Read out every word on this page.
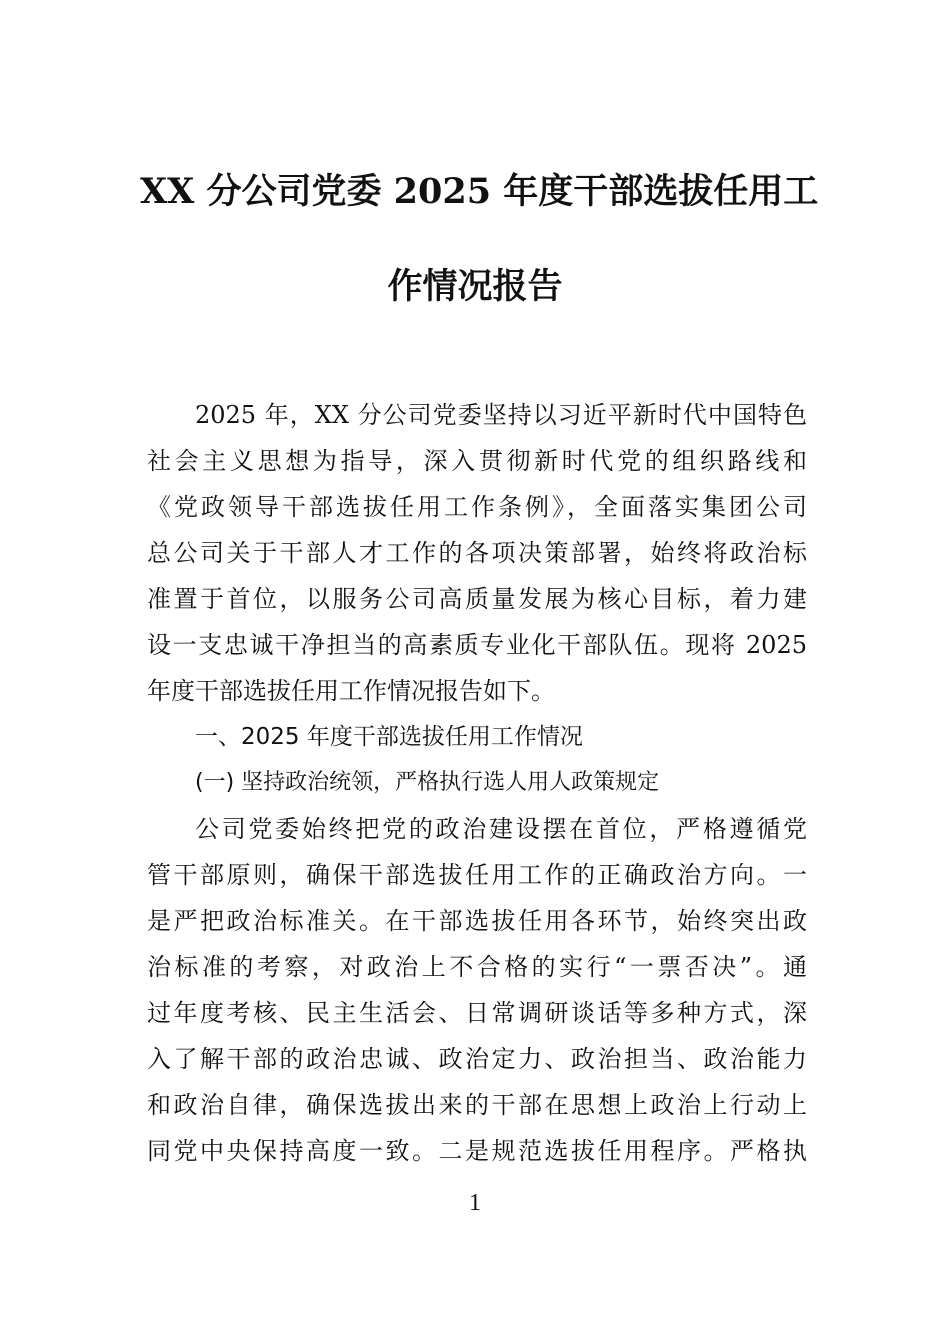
XX 分公司党委 2025 年度干部选拔任用工
作情况报告
2025 年，XX 分公司党委坚持以习近平新时代中国特色
社会主义思想为指导，深入贯彻新时代党的组织路线和
《党政领导干部选拔任用工作条例》，全面落实集团公司
总公司关于干部人才工作的各项决策部署，始终将政治标
准置于首位，以服务公司高质量发展为核心目标，着力建
设一支忠诚干净担当的高素质专业化干部队伍。现将 2025
年度干部选拔任用工作情况报告如下。
一、2025 年度干部选拔任用工作情况
(一) 坚持政治统领，严格执行选人用人政策规定
公司党委始终把党的政治建设摆在首位，严格遵循党
管干部原则，确保干部选拔任用工作的正确政治方向。一
是严把政治标准关。在干部选拔任用各环节，始终突出政
治标准的考察，对政治上不合格的实行“一票否决”。通
过年度考核、民主生活会、日常调研谈话等多种方式，深
入了解干部的政治忠诚、政治定力、政治担当、政治能力
和政治自律，确保选拔出来的干部在思想上政治上行动上
同党中央保持高度一致。二是规范选拔任用程序。严格执
1
